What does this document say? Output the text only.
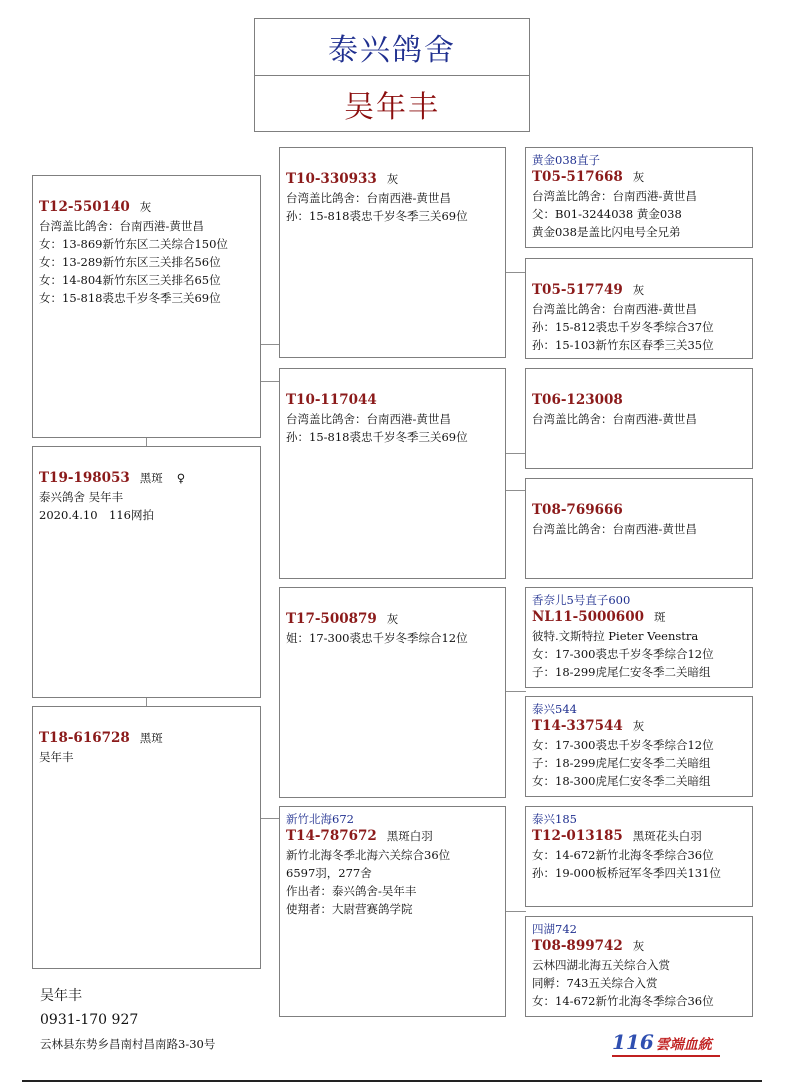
泰兴鸽舍
吴年丰
T12-550140 灰
台湾盖比鸽舍：台南西港-黄世昌
女：13-869新竹东区二关综合150位
女：13-289新竹东区三关排名56位
女：14-804新竹东区三关排名65位
女：15-818裘忠千岁冬季三关69位
T19-198053 黑斑 ♀
泰兴鸽舍 吴年丰
2020.4.10　116网拍
T18-616728 黑斑
吴年丰
T10-330933 灰
台湾盖比鸽舍：台南西港-黄世昌
孙：15-818裘忠千岁冬季三关69位
T10-117044
台湾盖比鸽舍：台南西港-黄世昌
孙：15-818裘忠千岁冬季三关69位
T17-500879 灰
姐：17-300裘忠千岁冬季综合12位
新竹北海672
T14-787672 黑斑白羽
新竹北海冬季北海六关综合36位
6597羽，277舍
作出者：泰兴鸽舍-吴年丰
使翔者：大尉营赛鸽学院
黄金038直子
T05-517668 灰
台湾盖比鸽舍：台南西港-黄世昌
父：B01-3244038 黄金038
黄金038是盖比闪电号全兄弟
T05-517749 灰
台湾盖比鸽舍：台南西港-黄世昌
孙：15-812裘忠千岁冬季综合37位
孙：15-103新竹东区春季三关35位
T06-123008
台湾盖比鸽舍：台南西港-黄世昌
T08-769666
台湾盖比鸽舍：台南西港-黄世昌
香奈儿5号直子600
NL11-5000600 斑
彼特.文斯特拉 Pieter Veenstra
女：17-300裘忠千岁冬季综合12位
子：18-299虎尾仁安冬季二关暗组
泰兴544
T14-337544 灰
女：17-300裘忠千岁冬季综合12位
子：18-299虎尾仁安冬季二关暗组
女：18-300虎尾仁安冬季二关暗组
泰兴185
T12-013185 黑斑花头白羽
女：14-672新竹北海冬季综合36位
孙：19-000板桥冠军冬季四关131位
四湖742
T08-899742 灰
云林四湖北海五关综合入赏
同孵：743五关综合入赏
女：14-672新竹北海冬季综合36位
吴年丰
0931-170 927
云林县东势乡昌南村昌南路3-30号	116 雲端血統
